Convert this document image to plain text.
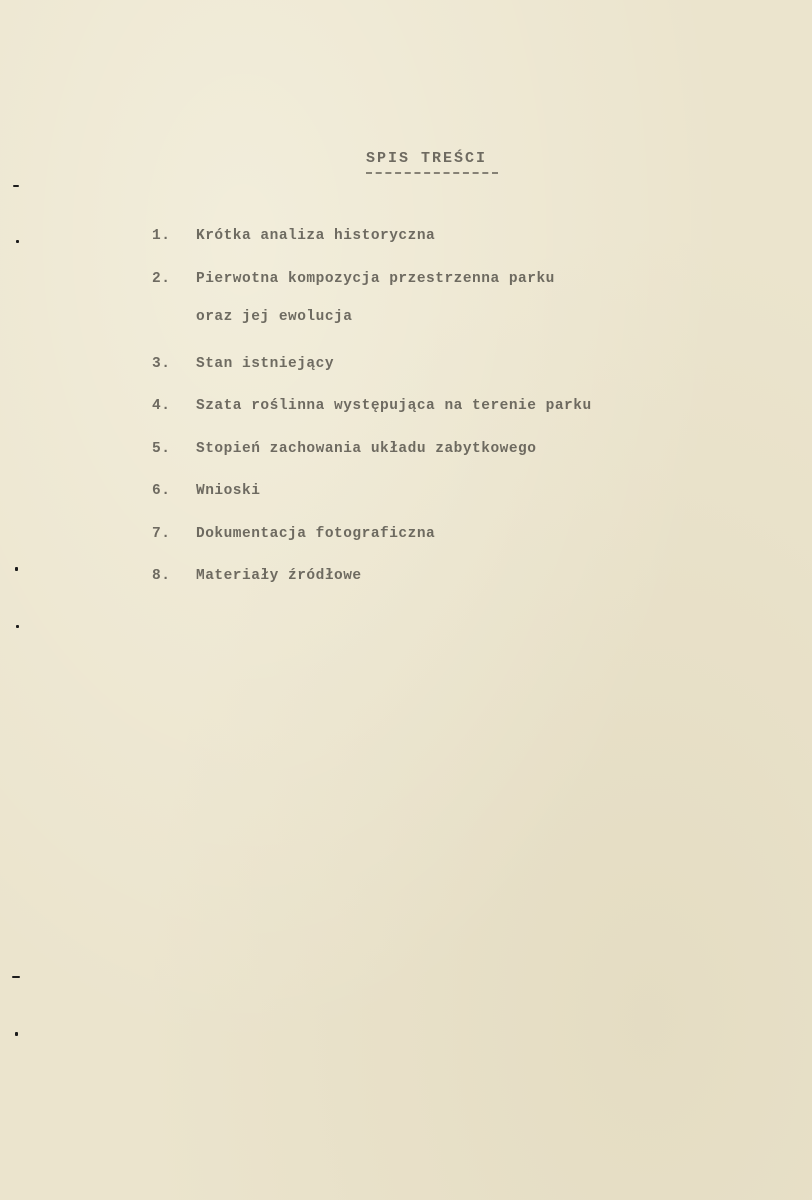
SPIS TREŚCI
1.	Krótka analiza historyczna
2.	Pierwotna kompozycja przestrzenna parku
oraz jej ewolucja
3.	Stan istniejący
4.	Szata roślinna występująca na terenie parku
5.	Stopień zachowania układu zabytkowego
6.	Wnioski
7.	Dokumentacja fotograficzna
8.	Materiały źródłowe
